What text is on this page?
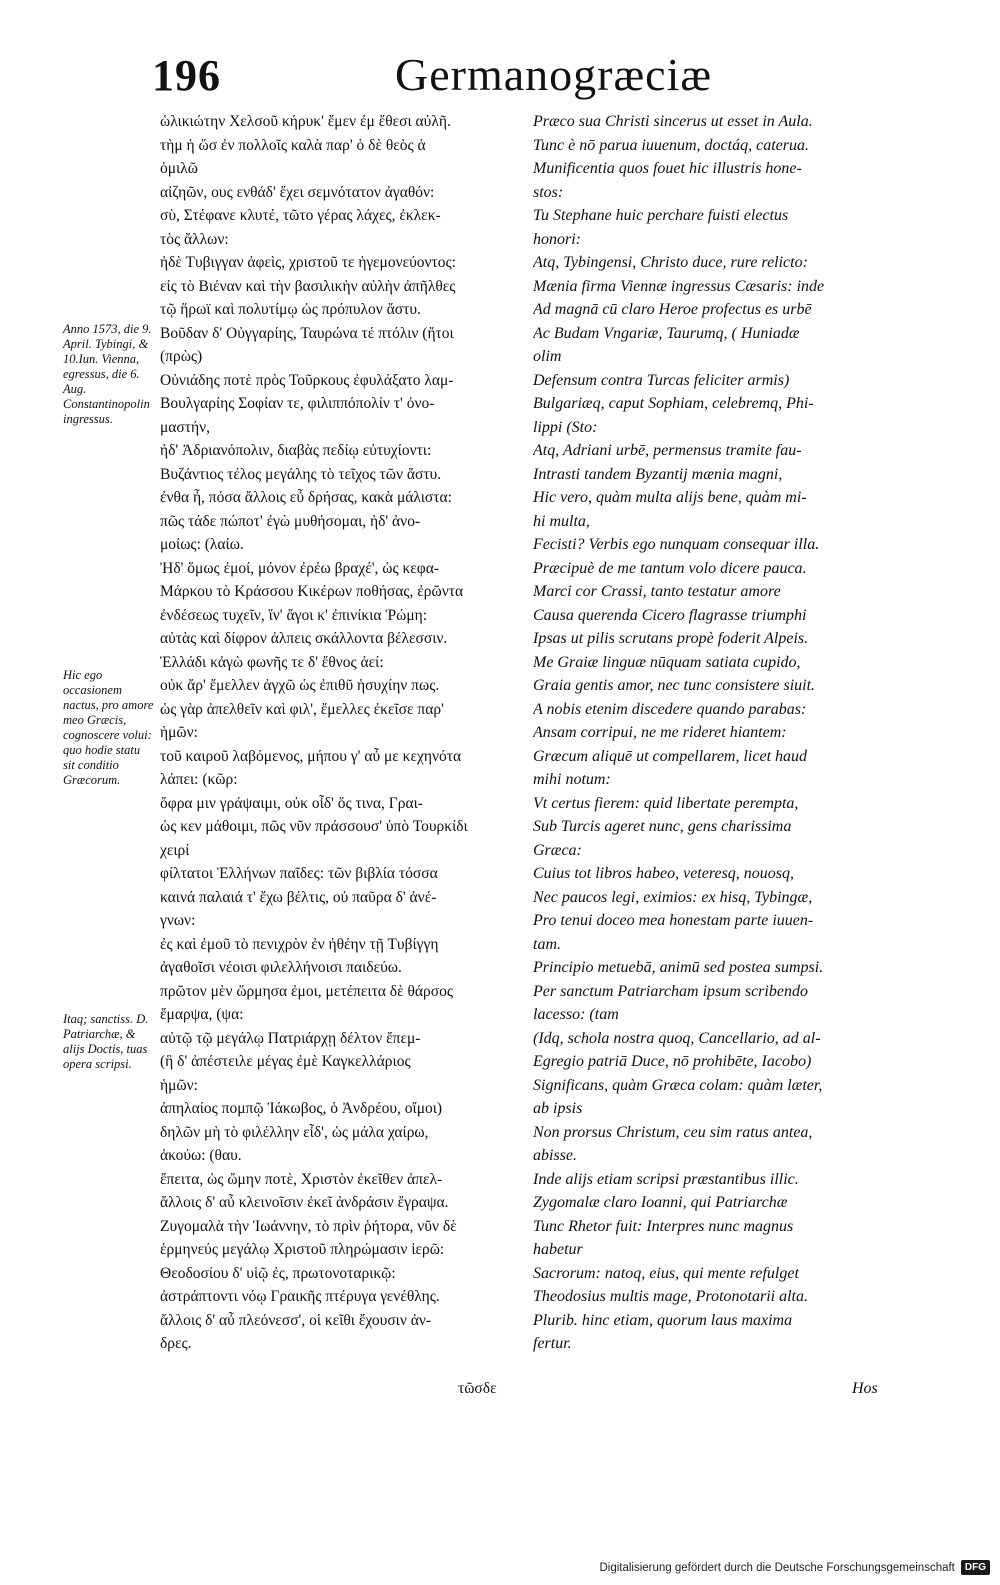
196	Germanogræciæ
Anno 1573, die 9. April. Tybingi, & 10.Iun. Vienna, egressus, die 6. Aug. Constantinopolin ingressus.
Hic ego occasionem nactus, pro amore meo Græcis, cognoscere volui: quo hodie statu sit conditio Græcorum.
Itaq; sanctiss. D. Patriarchæ, & alijs Doctis, tuas opera scripsi.
ὡλικιώτην Χελσοῦ κήρυκ' ἔμεν ἐμ ἔθεσι αὐλῆ.
τὴμ ἡ ὥσ ἐν πολλοῖς καλὰ παρ' ὁ δὲ θεὸς ἁ
ὁμιλῶ
αἰζηῶν, ους ενθάδ' ἔχει σεμνότατον ἀγαθόν:
σὺ, Στέφανε κλυτέ, τῶτο γέρας λάχες, ἐκλεκ-
τὸς ἄλλων:
ἠδὲ Τυβιγγαν ἀφεὶς, χριστοῦ τε ἡγεμονεύοντος:
εἰς τὸ Βιέναν καὶ τὴν βασιλικὴν αὐλὴν ἀπῆλθες
τῷ ἥρωϊ καὶ πολυτίμῳ ὡς πρόπυλον ἄστυ.
Βοῦδαν δ' Οὐγγαρίης, Ταυρώνα τέ πτόλιν (ἤτοι
(πρὼς)
Οὐνιάδης ποτὲ πρὸς Τοῦρκους ἐφυλάξατο λαμ-
Βουλγαρίης Σοφίαν τε, φιλιππόπολίν τ' ὀνο-
μαστήν,
ἠδ' Ἀδριανόπολιν, διαβὰς πεδίῳ εὐτυχίοντι:
Βυζάντιος τέλος μεγάλης τὸ τεῖχος τῶν ἄστυ.
ἐνθα ἦ, πόσα ἄλλοις εὖ δρήσας, κακὰ μάλιστα:
πῶς τάδε πώποτ' ἐγὼ μυθήσομαι, ἠδ' ἀνο-
μοίως: (λαίω.
Ἠδ' ὅμως ἐμοί, μόνον ἐρέω βραχέ', ὡς κεφα-
Μάρκου τὸ Κράσσου Κικέρων ποθήσας, ἐρῶντα
ἐνδέσεως τυχεῖν, ἵν' ἄγοι κ' ἐπινίκια Ῥώμη:
αὐτὰς καὶ δίφρον ἀλπεις σκάλλοντα βέλεσσιν.
Ἑλλάδι κἀγὼ φωνῆς τε δ' ἔθνος ἀεί:
οὐκ ἄρ' ἔμελλεν ἀγχῶ ὡς ἐπιθῦ ἡσυχίην πως.
ὡς γὰρ ἀπελθεῖν καὶ φιλ', ἔμελλες ἐκεῖσε παρ'
ἡμῶν:
τοῦ καιροῦ λαβόμενος, μήπου γ' αὖ με κεχηνότα
λάπει: (κῶρ:
ὄφρα μιν γράψαιμι, οὐκ οἶδ' ὅς τινα, Γραι-
ὡς κεν μάθοιμι, πῶς νῦν πράσσουσ' ὑπὸ Τουρκίδι
χειρί
φίλτατοι Ἑλλήνων παῖδες: τῶν βιβλία τόσσα
καινά παλαιά τ' ἔχω βέλτις, οὐ παῦρα δ' ἀνέ-
γνων:
ἐς καὶ ἐμοῦ τὸ πενιχρὸν ἐν ἠθέην τῇ Τυβίγγη
ἀγαθοῖσι νέοισι φιλελλήνοισι παιδεύω.
πρῶτον μὲν ὥρμησα ἐμοι, μετέπειτα δὲ θάρσος
ἔμαρψα, (ψα:
αὐτῷ τῷ μεγάλῳ Πατριάρχῃ δέλτον ἔπεμ-
(ἣ δ' ἀπέστειλε μέγας ἐμὲ Καγκελλάριος
ἡμῶν:
ἀπηλαίος πομπῷ Ἰάκωβος, ὁ Ἀνδρέου, οἴμοι)
δηλῶν μὴ τὸ φιλέλλην εἶδ', ὡς μάλα χαίρω,
ἀκούω: (θαυ.
ἔπειτα, ὡς ὤμην ποτὲ, Χριστὸν ἐκεῖθεν ἀπελ-
ἄλλοις δ' αὖ κλεινοῖσιν ἐκεῖ ἀνδράσιν ἔγραψα.
Ζυγομαλὰ τὴν Ἰωάννην, τὸ πρὶν ῥήτορα, νῦν δὲ
ἑρμηνεύς μεγάλῳ Χριστοῦ πληρώμασιν ἱερῶ:
Θεοδοσίου δ' υἱῷ ἐς, πρωτονοταρικῷ:
ἀστράπτοντι νόῳ Γραικῆς πτέρυγα γενέθλης.
ἄλλοις δ' αὖ πλεόνεσσ', οἱ κεῖθι ἔχουσιν ἀν-
δρες.
Præco sua Christi sincerus ut esset in Aula.
Tunc è nō parua iuuenum, doctáq, caterua.
Munificentia quos fouet hic illustris hone-
stos:
Tu Stephane huic perchare fuisti electus
honori:
Atq, Tybingensi, Christo duce, rure relicto:
Mænia firma Viennæ ingressus Cæsaris: inde
Ad magnā cū claro Heroe profectus es urbē
Ac Budam Vngariæ, Taurumq, ( Huniadæ
olim
Defensum contra Turcas feliciter armis)
Bulgariæq, caput Sophiam, celebremq, Phi-
lippi (Sto:
Atq, Adriani urbē, permensus tramite fau-
Intrasti tandem Byzantij mænia magni,
Hic vero, quàm multa alijs bene, quàm mi-
hi multa,
Fecisti? Verbis ego nunquam consequar illa.
Præcipuè de me tantum volo dicere pauca.
Marci cor Crassi, tanto testatur amore
Causa querenda Cicero flagrasse triumphi
Ipsas ut pilis scrutans propè foderit Alpeis.
Me Graiæ linguæ nūquam satiata cupido,
Graia gentis amor, nec tunc consistere siuit.
A nobis etenim discedere quando parabas:
Ansam corripui, ne me rideret hiantem:
Græcum aliquē ut compellarem, licet haud
mihi notum:
Vt certus fierem: quid libertate perempta,
Sub Turcis ageret nunc, gens charissima
Græca:
Cuius tot libros habeo, veteresq, nouosq,
Nec paucos legi, eximios: ex hisq, Tybingæ,
Pro tenui doceo mea honestam parte iuuen-
tam.
Principio metuebā, animū sed postea sumpsi.
Per sanctum Patriarcham ipsum scribendo
lacesso: (tam
(Idq, schola nostra quoq, Cancellario, ad al-
Egregio patriā Duce, nō prohibēte, Iacobo)
Significans, quàm Græca colam: quàm læter,
ab ipsis
Non prorsus Christum, ceu sim ratus antea,
abisse.
Inde alijs etiam scripsi præstantibus illic.
Zygomalæ claro Ioanni, qui Patriarchæ
Tunc Rhetor fuit: Interpres nunc magnus
habetur
Sacrorum: natoq, eius, qui mente refulget
Theodosius multis mage, Protonotarii alta.
Plurib. hinc etiam, quorum laus maxima
fertur.
τῶσδε	Hos
Digitalisierung gefördert durch die Deutsche Forschungsgemeinschaft	DFG
